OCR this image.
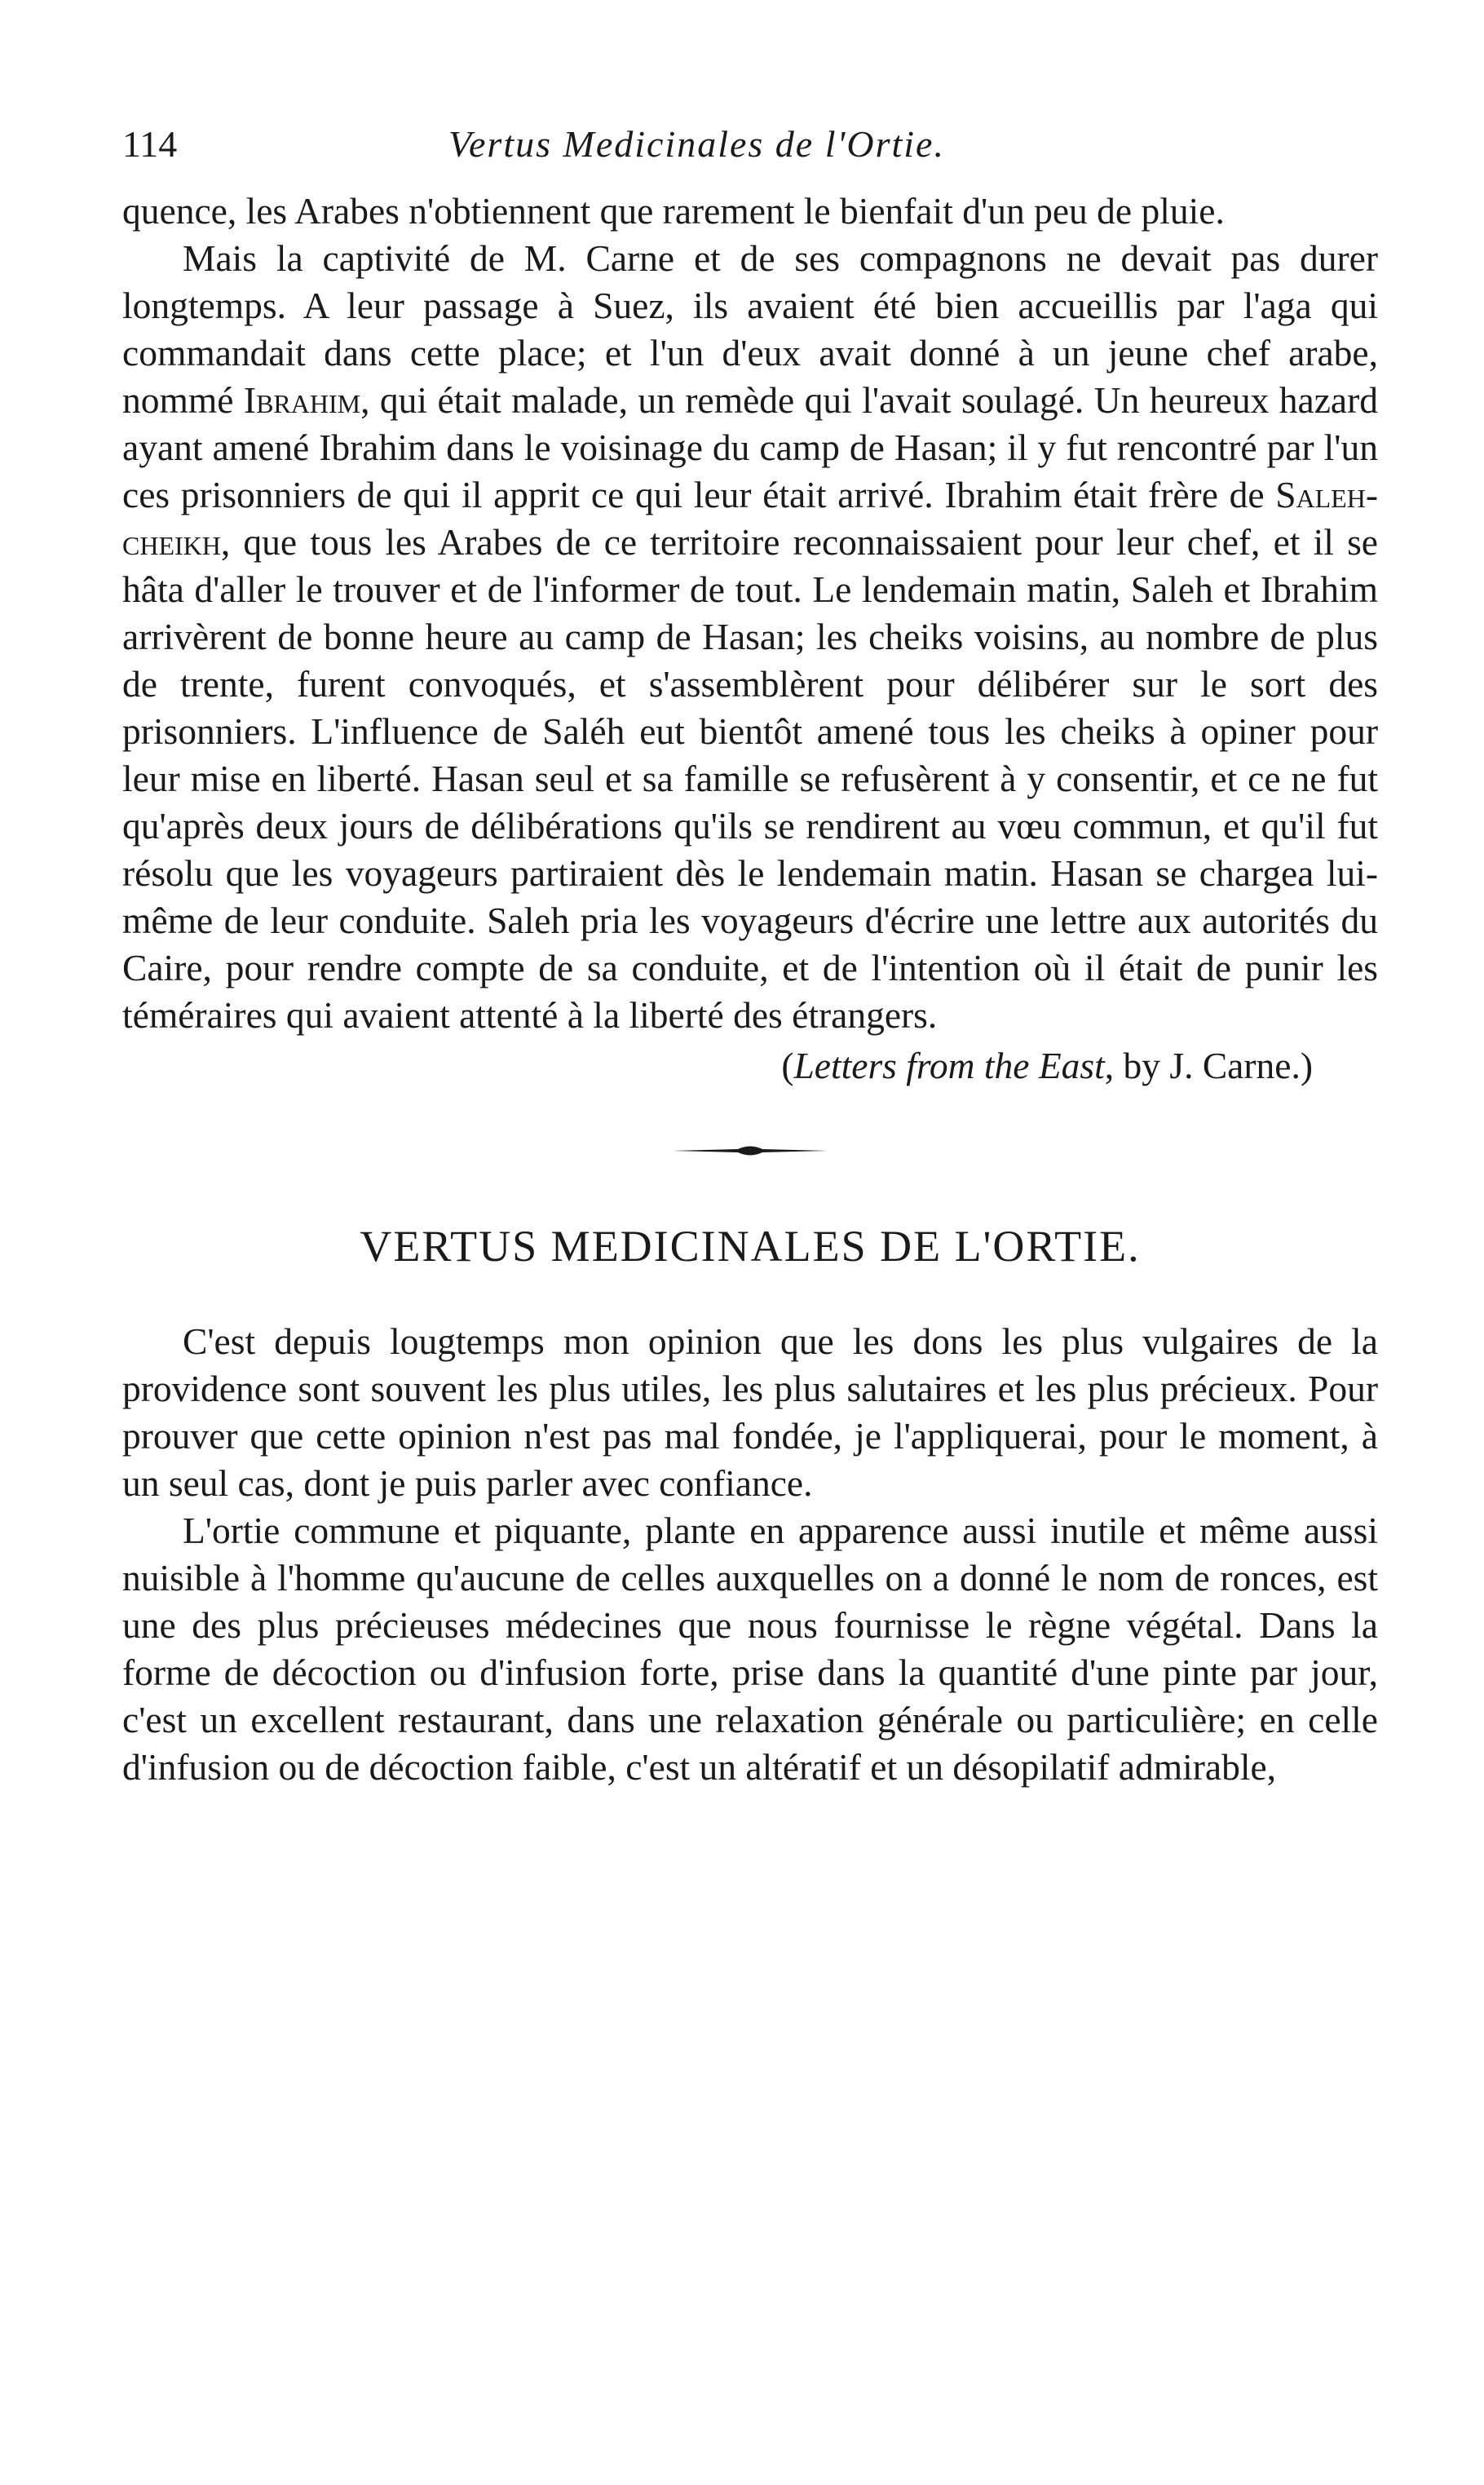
114	Vertus Medicinales de l'Ortie.

quence, les Arabes n'obtiennent que rarement le bienfait d'un peu de pluie.

Mais la captivité de M. Carne et de ses compagnons ne devait pas durer longtemps. A leur passage à Suez, ils avaient été bien accueillis par l'aga qui commandait dans cette place; et l'un d'eux avait donné à un jeune chef arabe, nommé Ibrahim, qui était malade, un remède qui l'avait soulagé. Un heureux hazard ayant amené Ibrahim dans le voisinage du camp de Hasan; il y fut rencontré par l'un ces prisonniers de qui il apprit ce qui leur était arrivé. Ibrahim était frère de Saleh-cheikh, que tous les Arabes de ce territoire reconnaissaient pour leur chef, et il se hâta d'aller le trouver et de l'informer de tout. Le lendemain matin, Saleh et Ibrahim arrivèrent de bonne heure au camp de Hasan; les cheiks voisins, au nombre de plus de trente, furent convoqués, et s'assemblèrent pour délibérer sur le sort des prisonniers. L'influence de Saléh eut bientôt amené tous les cheiks à opiner pour leur mise en liberté. Hasan seul et sa famille se refusèrent à y consentir, et ce ne fut qu'après deux jours de délibérations qu'ils se rendirent au vœu commun, et qu'il fut résolu que les voyageurs partiraient dès le lendemain matin. Hasan se chargea lui-même de leur conduite. Saleh pria les voyageurs d'écrire une lettre aux autorités du Caire, pour rendre compte de sa conduite, et de l'intention où il était de punir les téméraires qui avaient attenté à la liberté des étrangers.

(Letters from the East, by J. Carne.)
VERTUS MEDICINALES DE L'ORTIE.

C'est depuis lougtemps mon opinion que les dons les plus vulgaires de la providence sont souvent les plus utiles, les plus salutaires et les plus précieux. Pour prouver que cette opinion n'est pas mal fondée, je l'appliquerai, pour le moment, à un seul cas, dont je puis parler avec confiance.

L'ortie commune et piquante, plante en apparence aussi inutile et même aussi nuisible à l'homme qu'aucune de celles auxquelles on a donné le nom de ronces, est une des plus précieuses médecines que nous fournisse le règne végétal. Dans la forme de décoction ou d'infusion forte, prise dans la quantité d'une pinte par jour, c'est un excellent restaurant, dans une relaxation générale ou particulière; en celle d'infusion ou de décoction faible, c'est un altératif et un désopilatif admirable,
